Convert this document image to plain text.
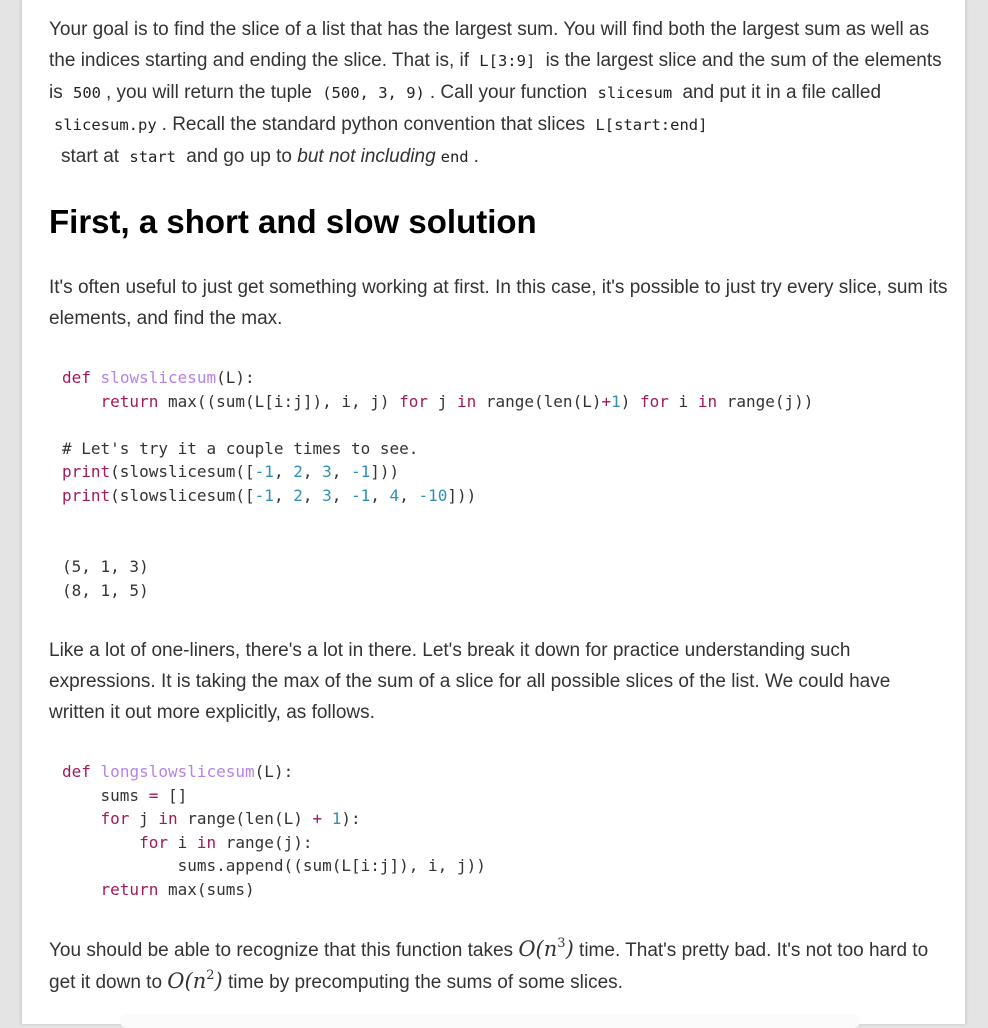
Your goal is to find the slice of a list that has the largest sum. You will find both the largest sum as well as the indices starting and ending the slice. That is, if L[3:9] is the largest slice and the sum of the elements is 500 , you will return the tuple (500, 3, 9) . Call your function slicesum and put it in a file called slicesum.py . Recall the standard python convention that slices L[start:end]start at start and go up to but not including end .

First, a short and slow solution

It's often useful to just get something working at first. In this case, it's possible to just try every slice, sum its elements, and find the max.

def slowslicesum(L):
return max((sum(L[i:j]), i, j) for j in range(len(L)+1) for i in range(j))

# Let's try it a couple times to see.
print(slowslicesum([-1, 2, 3, -1]))
print(slowslicesum([-1, 2, 3, -1, 4, -10]))
(5, 1, 3)
(8, 1, 5)

Like a lot of one-liners, there's a lot in there. Let's break it down for practice understanding such expressions. It is taking the max of the sum of a slice for all possible slices of the list. We could have written it out more explicitly, as follows.

def longslowslicesum(L):
sums = []
for j in range(len(L) + 1):
for i in range(j):
sums.append((sum(L[i:j]), i, j))
return max(sums)

You should be able to recognize that this function takes $O(n^3)$ time. That's pretty bad. It's not too hard to get it down to $O(n^2)$ time by precomputing the sums of some slices.
